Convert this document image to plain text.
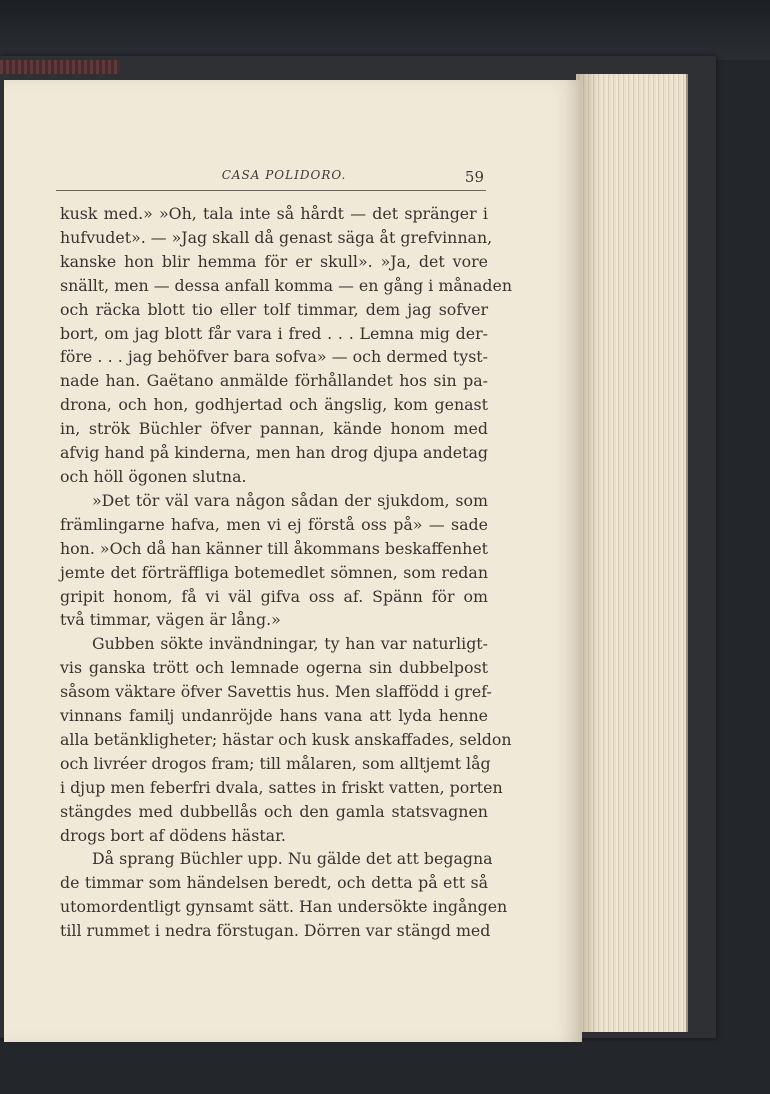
CASA POLIDORO.	59
kusk med.» »Oh, tala inte så hårdt — det spränger i
hufvudet». — »Jag skall då genast säga åt grefvinnan,
kanske hon blir hemma för er skull». »Ja, det vore
snällt, men — dessa anfall komma — en gång i månaden
och räcka blott tio eller tolf timmar, dem jag sofver
bort, om jag blott får vara i fred . . . Lemna mig der-
före . . . jag behöfver bara sofva» — och dermed tyst-
nade han. Gaëtano anmälde förhållandet hos sin pa-
drona, och hon, godhjertad och ängslig, kom genast
in, strök Büchler öfver pannan, kände honom med
afvig hand på kinderna, men han drog djupa andetag
och höll ögonen slutna.
»Det tör väl vara någon sådan der sjukdom, som
främlingarne hafva, men vi ej förstå oss på» — sade
hon. »Och då han känner till åkommans beskaffenhet
jemte det förträffliga botemedlet sömnen, som redan
gripit honom, få vi väl gifva oss af. Spänn för om
två timmar, vägen är lång.»
Gubben sökte invändningar, ty han var naturligt-
vis ganska trött och lemnade ogerna sin dubbelpost
såsom väktare öfver Savettis hus. Men slaffödd i gref-
vinnans familj undanröjde hans vana att lyda henne
alla betänkligheter; hästar och kusk anskaffades, seldon
och livréer drogos fram; till målaren, som alltjemt låg
i djup men feberfri dvala, sattes in friskt vatten, porten
stängdes med dubbellås och den gamla statsvagnen
drogs bort af dödens hästar.
Då sprang Büchler upp. Nu gälde det att begagna
de timmar som händelsen beredt, och detta på ett så
utomordentligt gynsamt sätt. Han undersökte ingången
till rummet i nedra förstugan. Dörren var stängd med
